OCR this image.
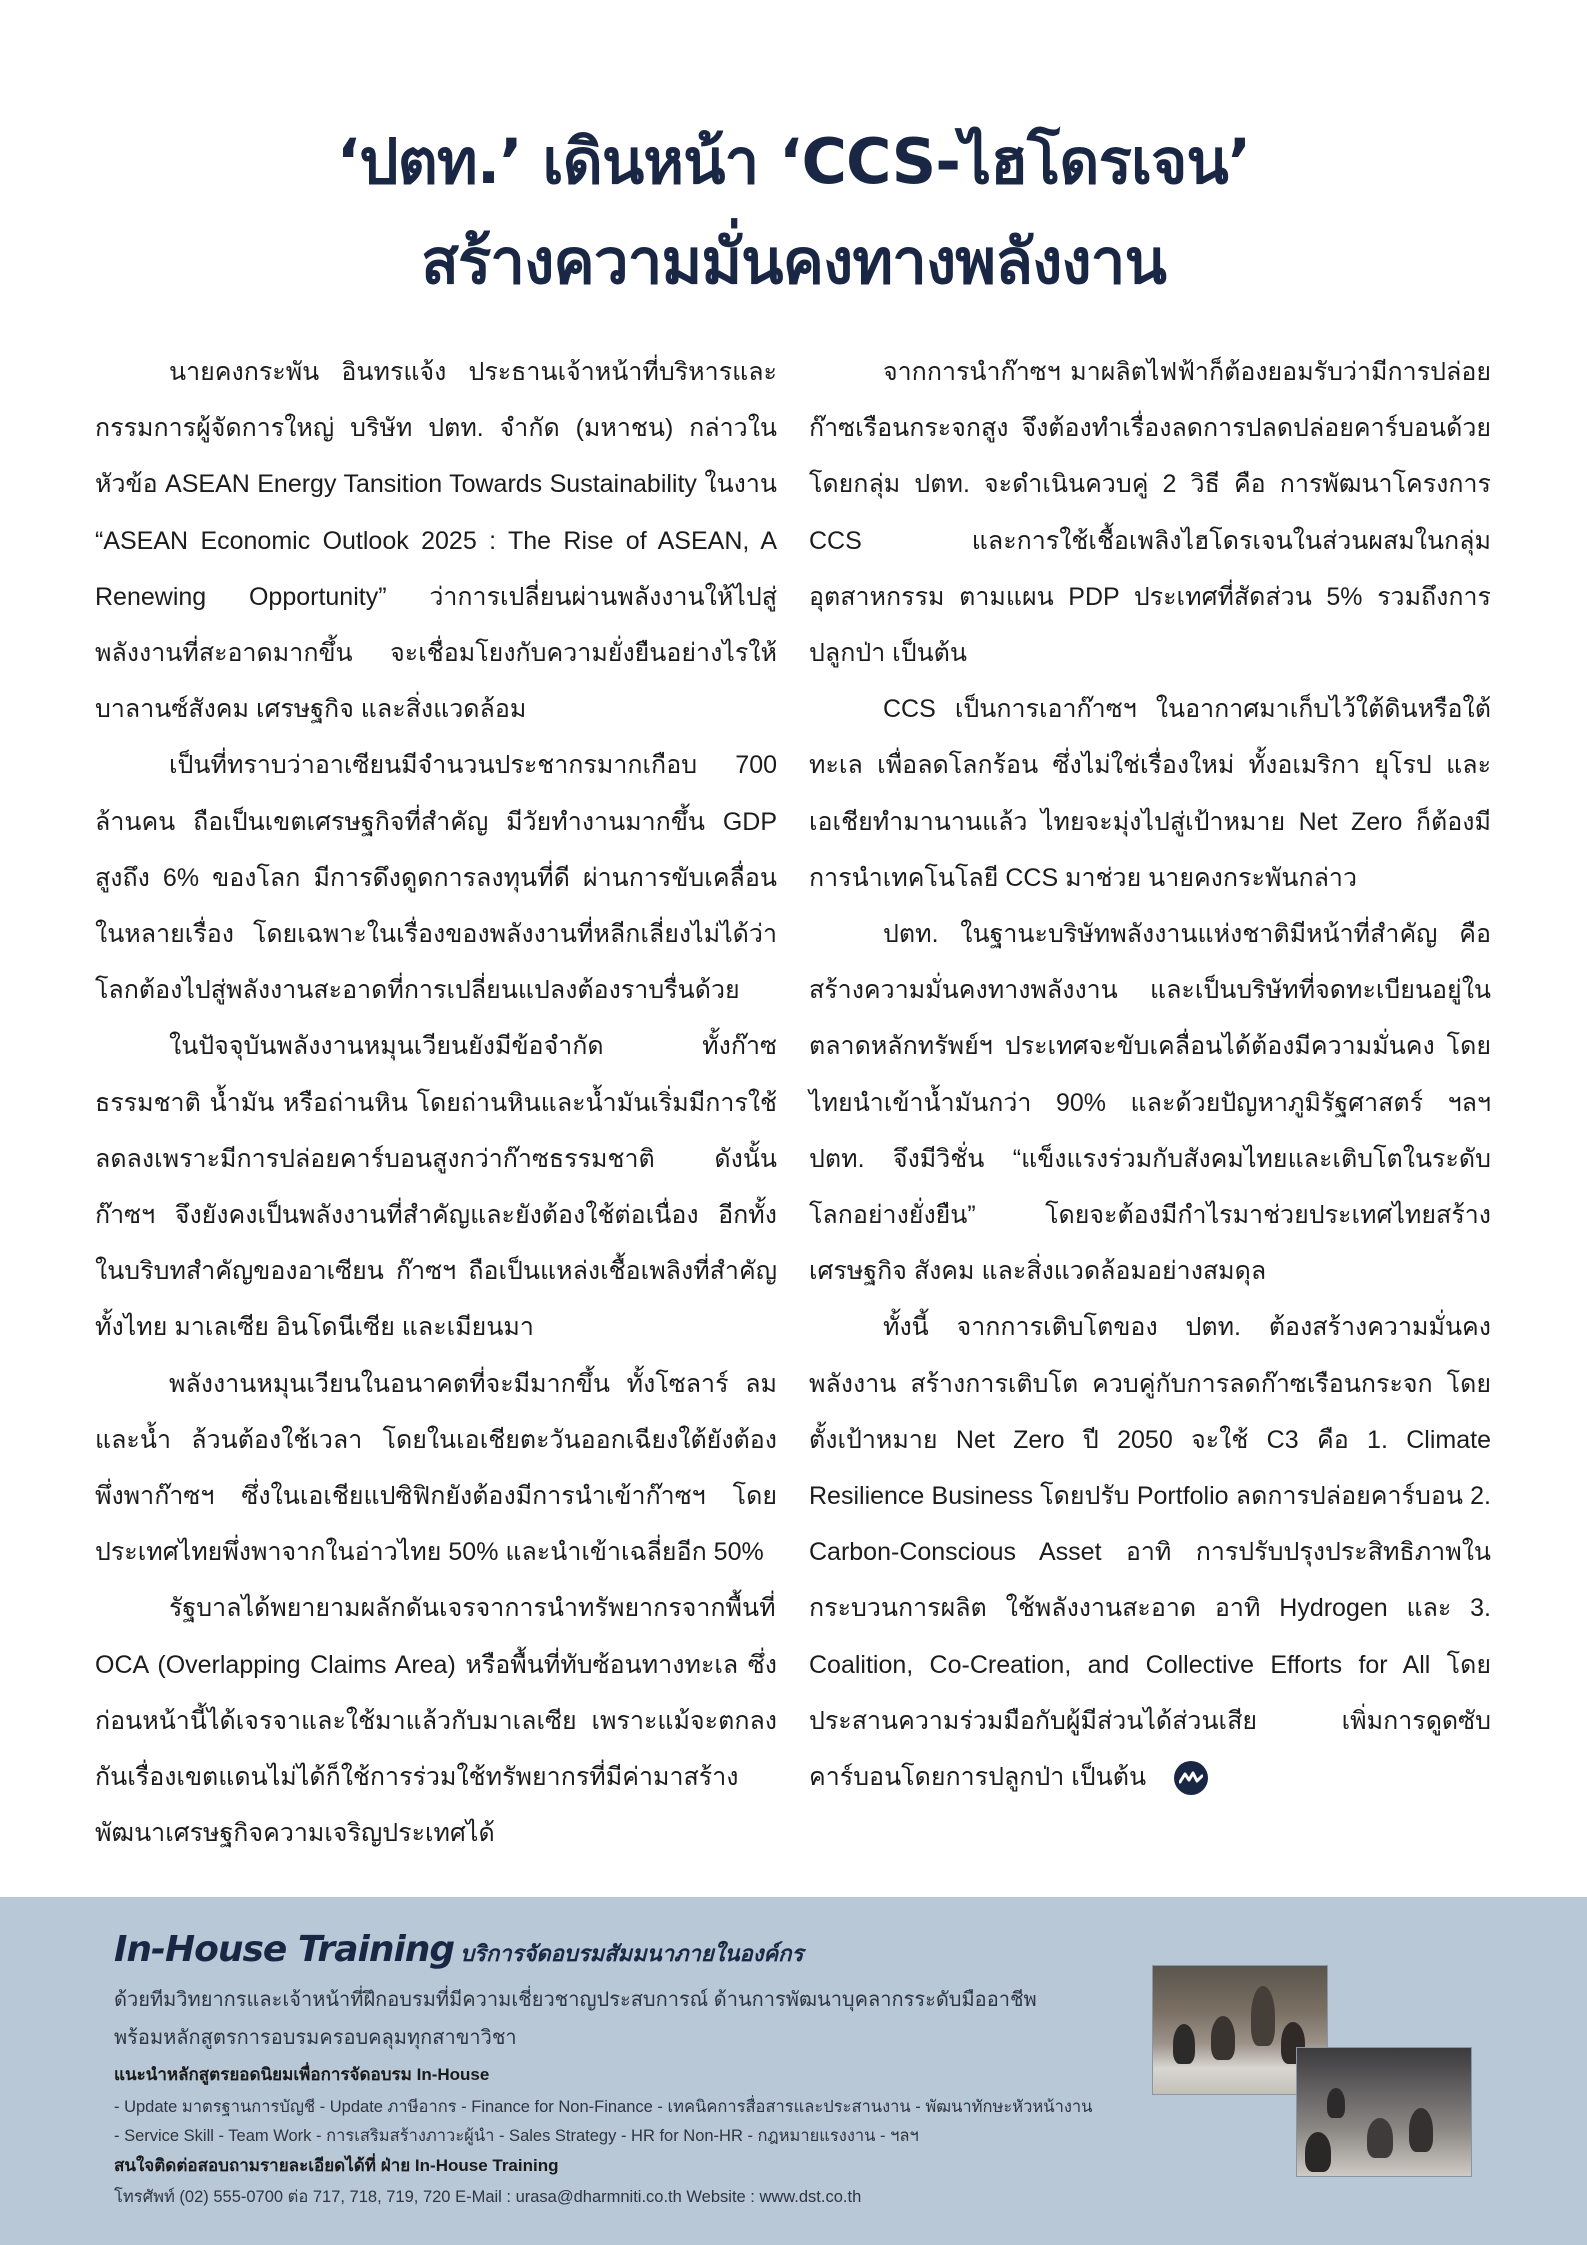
‘ปตท.’ เดินหน้า ‘CCS-ไฮโดรเจน’
สร้างความมั่นคงทางพลังงาน

นายคงกระพัน อินทรแจ้ง ประธานเจ้าหน้าที่บริหารและกรรมการผู้จัดการใหญ่ บริษัท ปตท. จำกัด (มหาชน) กล่าวในหัวข้อ ASEAN Energy Tansition Towards Sustainability ในงาน “ASEAN Economic Outlook 2025 : The Rise of ASEAN, A Renewing Opportunity” ว่าการเปลี่ยนผ่านพลังงานให้ไปสู่พลังงานที่สะอาดมากขึ้น จะเชื่อมโยงกับความยั่งยืนอย่างไรให้บาลานซ์สังคม เศรษฐกิจ และสิ่งแวดล้อม

เป็นที่ทราบว่าอาเซียนมีจำนวนประชากรมากเกือบ 700 ล้านคน ถือเป็นเขตเศรษฐกิจที่สำคัญ มีวัยทำงานมากขึ้น GDP สูงถึง 6% ของโลก มีการดึงดูดการลงทุนที่ดี ผ่านการขับเคลื่อนในหลายเรื่อง โดยเฉพาะในเรื่องของพลังงานที่หลีกเลี่ยงไม่ได้ว่าโลกต้องไปสู่พลังงานสะอาดที่การเปลี่ยนแปลงต้องราบรื่นด้วย

ในปัจจุบันพลังงานหมุนเวียนยังมีข้อจำกัด ทั้งก๊าซธรรมชาติ น้ำมัน หรือถ่านหิน โดยถ่านหินและน้ำมันเริ่มมีการใช้ลดลงเพราะมีการปล่อยคาร์บอนสูงกว่าก๊าซธรรมชาติ ดังนั้นก๊าซฯ จึงยังคงเป็นพลังงานที่สำคัญและยังต้องใช้ต่อเนื่อง อีกทั้งในบริบทสำคัญของอาเซียน ก๊าซฯ ถือเป็นแหล่งเชื้อเพลิงที่สำคัญทั้งไทย มาเลเซีย อินโดนีเซีย และเมียนมา

พลังงานหมุนเวียนในอนาคตที่จะมีมากขึ้น ทั้งโซลาร์ ลม และน้ำ ล้วนต้องใช้เวลา โดยในเอเชียตะวันออกเฉียงใต้ยังต้องพึ่งพาก๊าซฯ ซึ่งในเอเชียแปซิฟิกยังต้องมีการนำเข้าก๊าซฯ โดยประเทศไทยพึ่งพาจากในอ่าวไทย 50% และนำเข้าเฉลี่ยอีก 50%

รัฐบาลได้พยายามผลักดันเจรจาการนำทรัพยากรจากพื้นที่ OCA (Overlapping Claims Area) หรือพื้นที่ทับซ้อนทางทะเล ซึ่งก่อนหน้านี้ได้เจรจาและใช้มาแล้วกับมาเลเซีย เพราะแม้จะตกลงกันเรื่องเขตแดนไม่ได้ก็ใช้การร่วมใช้ทรัพยากรที่มีค่ามาสร้างพัฒนาเศรษฐกิจความเจริญประเทศได้

จากการนำก๊าซฯ มาผลิตไฟฟ้าก็ต้องยอมรับว่ามีการปล่อยก๊าซเรือนกระจกสูง จึงต้องทำเรื่องลดการปลดปล่อยคาร์บอนด้วย โดยกลุ่ม ปตท. จะดำเนินควบคู่ 2 วิธี คือ การพัฒนาโครงการ CCS และการใช้เชื้อเพลิงไฮโดรเจนในส่วนผสมในกลุ่มอุตสาหกรรม ตามแผน PDP ประเทศที่สัดส่วน 5% รวมถึงการปลูกป่า เป็นต้น

CCS เป็นการเอาก๊าซฯ ในอากาศมาเก็บไว้ใต้ดินหรือใต้ทะเล เพื่อลดโลกร้อน ซึ่งไม่ใช่เรื่องใหม่ ทั้งอเมริกา ยุโรป และเอเชียทำมานานแล้ว ไทยจะมุ่งไปสู่เป้าหมาย Net Zero ก็ต้องมีการนำเทคโนโลยี CCS มาช่วย นายคงกระพันกล่าว

ปตท. ในฐานะบริษัทพลังงานแห่งชาติมีหน้าที่สำคัญ คือ สร้างความมั่นคงทางพลังงาน และเป็นบริษัทที่จดทะเบียนอยู่ในตลาดหลักทรัพย์ฯ ประเทศจะขับเคลื่อนได้ต้องมีความมั่นคง โดยไทยนำเข้าน้ำมันกว่า 90% และด้วยปัญหาภูมิรัฐศาสตร์ ฯลฯ ปตท. จึงมีวิชั่น “แข็งแรงร่วมกับสังคมไทยและเติบโตในระดับโลกอย่างยั่งยืน” โดยจะต้องมีกำไรมาช่วยประเทศไทยสร้างเศรษฐกิจ สังคม และสิ่งแวดล้อมอย่างสมดุล

ทั้งนี้ จากการเติบโตของ ปตท. ต้องสร้างความมั่นคงพลังงาน สร้างการเติบโต ควบคู่กับการลดก๊าซเรือนกระจก โดยตั้งเป้าหมาย Net Zero ปี 2050 จะใช้ C3 คือ 1. Climate Resilience Business โดยปรับ Portfolio ลดการปล่อยคาร์บอน 2. Carbon-Conscious Asset อาทิ การปรับปรุงประสิทธิภาพในกระบวนการผลิต ใช้พลังงานสะอาด อาทิ Hydrogen และ 3. Coalition, Co-Creation, and Collective Efforts for All โดยประสานความร่วมมือกับผู้มีส่วนได้ส่วนเสีย เพิ่มการดูดซับคาร์บอนโดยการปลูกป่า เป็นต้น

In-House Training บริการจัดอบรมสัมมนาภายในองค์กร
ด้วยทีมวิทยากรและเจ้าหน้าที่ฝึกอบรมที่มีความเชี่ยวชาญประสบการณ์ ด้านการพัฒนาบุคลากรระดับมืออาชีพ
พร้อมหลักสูตรการอบรมครอบคลุมทุกสาขาวิชา
แนะนำหลักสูตรยอดนิยมเพื่อการจัดอบรม In-House
- Update มาตรฐานการบัญชี - Update ภาษีอากร - Finance for Non-Finance - เทคนิคการสื่อสารและประสานงาน - พัฒนาทักษะหัวหน้างาน
- Service Skill - Team Work - การเสริมสร้างภาวะผู้นำ - Sales Strategy - HR for Non-HR - กฎหมายแรงงาน - ฯลฯ
สนใจติดต่อสอบถามรายละเอียดได้ที่ ฝ่าย In-House Training
โทรศัพท์ (02) 555-0700 ต่อ 717, 718, 719, 720 E-Mail : urasa@dharmniti.co.th Website : www.dst.co.th
